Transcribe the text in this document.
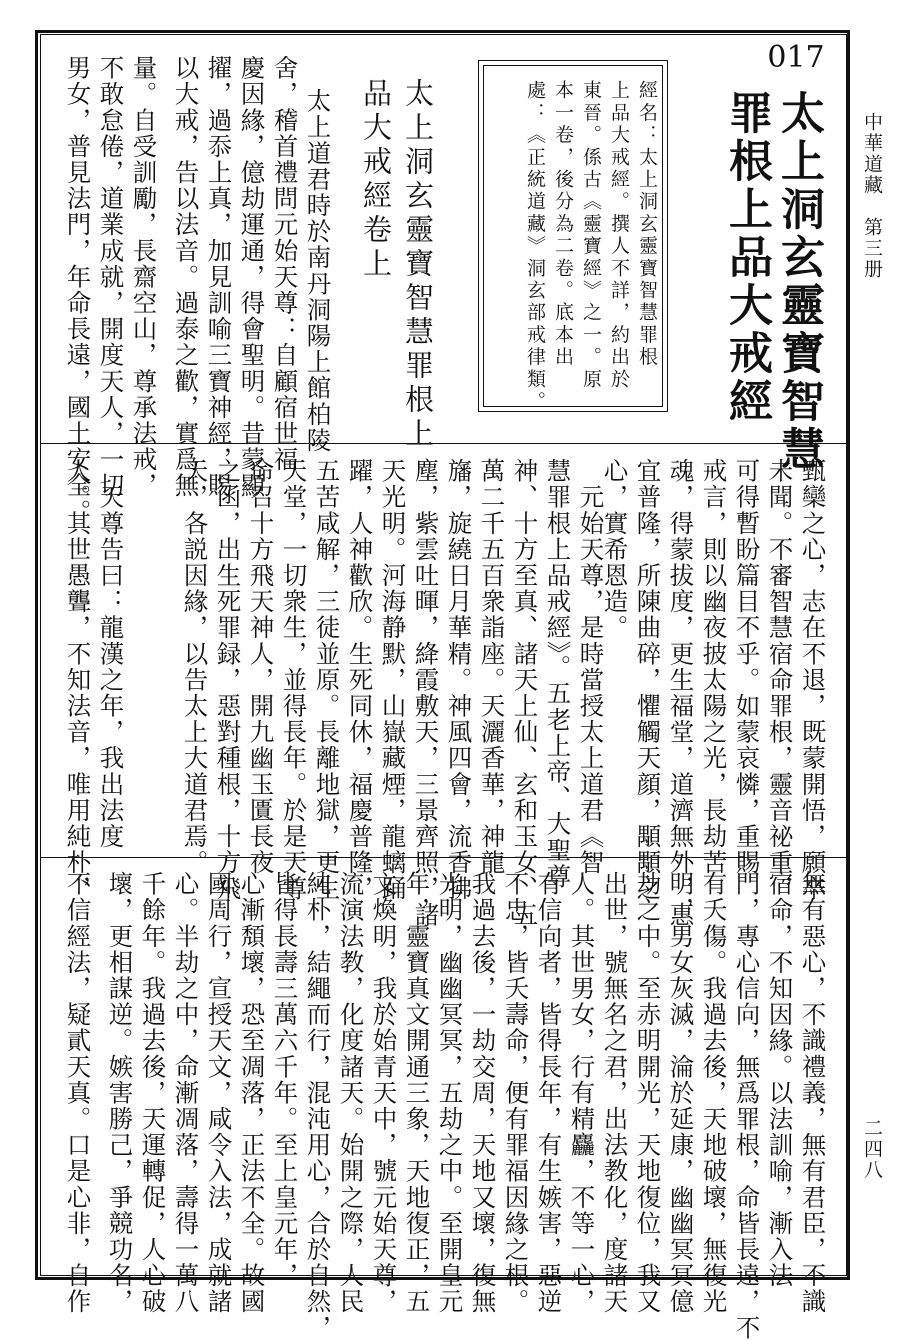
中華道藏　第三册
二四八
017
太上洞玄靈寶智慧
罪根上品大戒經
經名：太上洞玄靈寶智慧罪根
上品大戒經。撰人不詳，約出於
東晉。係古《靈寶經》之一。原
本一卷，後分為二卷。底本出
處：《正統道藏》洞玄部戒律類。
太上洞玄靈寶智慧罪根上
品大戒經卷上
太上道君時於南丹洞陽上館柏陵
舍，稽首禮問元始天尊：自顧宿世福
慶因緣，億劫運通，得會聖明。昔蒙顯
擢，過忝上真，加見訓喻三寶神經，賜
以大戒，告以法音。過泰之歡，實爲無
量。自受訓勵，長齋空山，尊承法戒，
不敢怠倦，道業成就，開度天人，一切
男女，普見法門，年命長遠，國土安全。
甄欒之心，志在不退，既蒙開悟，願卒
未聞。不審智慧宿命罪根，靈音祕重，
可得暫盼篇目不乎。如蒙哀憐，重賜
戒言，則以幽夜披太陽之光，長劫苦
魂，得蒙拔度，更生福堂，道濟無外，惠
宜普隆，所陳曲碎，懼觸天顔，顒顒之
心，實希恩造。
　元始天尊，是時當授太上道君《智
慧罪根上品戒經》。五老上帝、大聖尊
神、十方至真、諸天上仙、玄和玉女、五
萬二千五百衆詣座。天灑香華，神龍
旛，旋繞日月華精。神風四會，流香拂
塵，紫雲吐暉，絳霞敷天，三景齊照，諸
天光明。河海静默，山嶽藏煙，龍螭踊
躍，人神歡欣。生死同休，福慶普隆，
五苦咸解，三徒並原。長離地獄，更生
天堂，一切衆生，並得長年。於是天尊
命召十方飛天神人，開九幽玉匱長夜
之函，出生死罪録，惡對種根，十方飛
天，各説因緣，以告太上大道君焉。
　天尊告曰：龍漢之年，我出法度
人。其世愚聾，不知法音，唯用純朴，
無有惡心，不識禮義，無有君臣，不識
宿命，不知因緣。以法訓喻，漸入法
門，專心信向，無爲罪根，命皆長遠，不
有夭傷。我過去後，天地破壞，無復光
明，男女灰滅，淪於延康，幽幽冥冥億
劫之中。至赤明開光，天地復位，我又
出世，號無名之君，出法教化，度諸天
人。其世男女，行有精麤，不等一心，
有信向者，皆得長年，有生嫉害，惡逆
不忠，皆夭壽命，便有罪福因緣之根。
我過去後，一劫交周，天地又壞，復無
光明，幽幽冥冥，五劫之中。至開皇元
年，靈寶真文開通三象，天地復正，五
文煥明，我於始青天中，號元始天尊，
流演法教，化度諸天。始開之際，人民
純朴，結繩而行，混沌用心，合於自然，
皆得長壽三萬六千年。至上皇元年，
心漸頽壞，恐至凋落，正法不全。故國
國周行，宣授天文，咸令入法，成就諸
心。半劫之中，命漸凋落，壽得一萬八
千餘年。我過去後，天運轉促，人心破
壞，更相謀逆。嫉害勝己，爭競功名，
不信經法，疑貳天真。口是心非，自作
